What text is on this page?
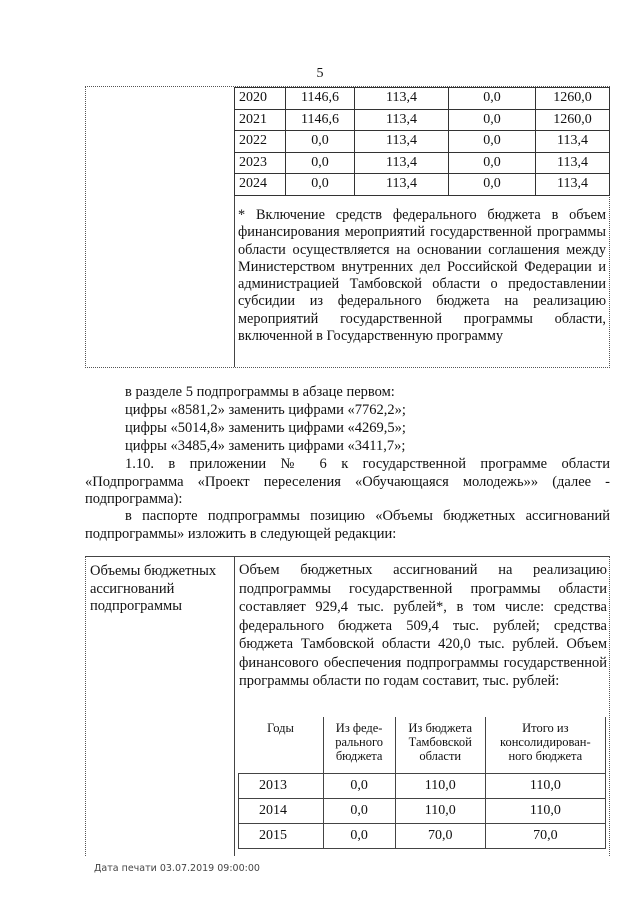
5
2020	1146,6	113,4	0,0	1260,0
2021	1146,6	113,4	0,0	1260,0
2022	0,0	113,4	0,0	113,4
2023	0,0	113,4	0,0	113,4
2024	0,0	113,4	0,0	113,4
* Включение средств федерального бюджета в объем финансирования мероприятий государственной программы области осуществляется на основании соглашения между Министерством внутренних дел Российской Федерации и администрацией Тамбовской области о предоставлении субсидии из федерального бюджета на реализацию мероприятий государственной программы области, включенной в Государственную программу
в разделе 5 подпрограммы в абзаце первом:
цифры «8581,2» заменить цифрами «7762,2»;
цифры «5014,8» заменить цифрами «4269,5»;
цифры «3485,4» заменить цифрами «3411,7»;
1.10. в приложении № 6 к государственной программе области «Подпрограмма «Проект переселения «Обучающаяся молодежь»» (далее - подпрограмма):
в паспорте подпрограммы позицию «Объемы бюджетных ассигнований подпрограммы» изложить в следующей редакции:
Объемы бюджетных ассигнований подпрограммы
Объем бюджетных ассигнований на реализацию подпрограммы государственной программы области составляет 929,4 тыс. рублей*, в том числе: средства федерального бюджета 509,4 тыс. рублей; средства бюджета Тамбовской области 420,0 тыс. рублей. Объем финансового обеспечения подпрограммы государственной программы области по годам составит, тыс. рублей:
Годы	Из феде- рального бюджета	Из бюджета Тамбовской области	Итого из консолидирован- ного бюджета
2013	0,0	110,0	110,0
2014	0,0	110,0	110,0
2015	0,0	70,0	70,0
Дата печати 03.07.2019 09:00:00
